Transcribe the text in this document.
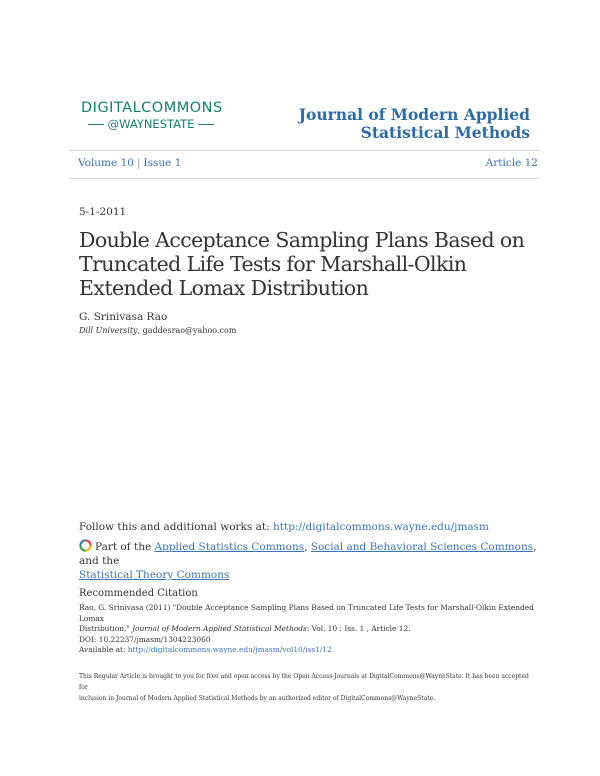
DIGITALCOMMONS
@WAYNESTATE	Journal of Modern Applied Statistical Methods
Volume 10 | Issue 1	Article 12
5-1-2011
Double Acceptance Sampling Plans Based on Truncated Life Tests for Marshall-Olkin Extended Lomax Distribution
G. Srinivasa Rao
Dill University, gaddesrao@yahoo.com
Follow this and additional works at: http://digitalcommons.wayne.edu/jmasm
Part of the Applied Statistics Commons, Social and Behavioral Sciences Commons, and the
Statistical Theory Commons
Recommended Citation
Rao, G. Srinivasa (2011) "Double Acceptance Sampling Plans Based on Truncated Life Tests for Marshall-Olkin Extended Lomax
Distribution," Journal of Modern Applied Statistical Methods: Vol. 10 : Iss. 1 , Article 12.
DOI: 10.22237/jmasm/1304223060
Available at: http://digitalcommons.wayne.edu/jmasm/vol10/iss1/12
This Regular Article is brought to you for free and open access by the Open Access Journals at DigitalCommons@WayneState. It has been accepted for
inclusion in Journal of Modern Applied Statistical Methods by an authorized editor of DigitalCommons@WayneState.
